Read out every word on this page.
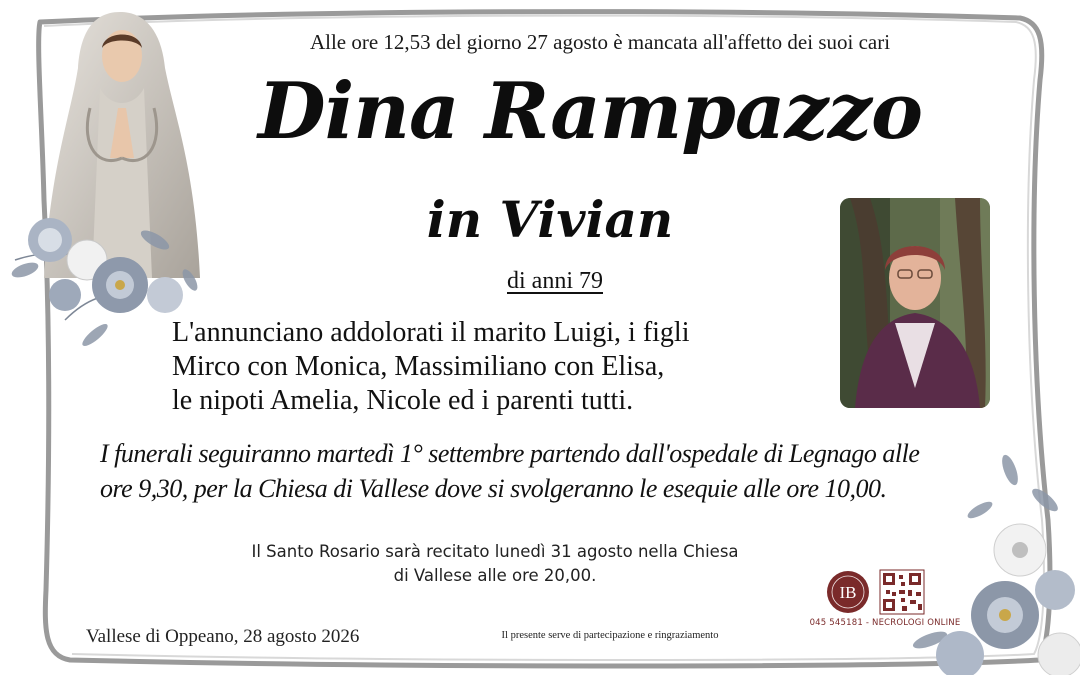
Alle ore 12,53 del giorno 27 agosto è mancata all'affetto dei suoi cari
Dina Rampazzo
in Vivian
di anni 79
L'annunciano addolorati il marito Luigi, i figli
Mirco con Monica, Massimiliano con Elisa,
le nipoti Amelia, Nicole ed i parenti tutti.
I funerali seguiranno martedì 1° settembre partendo dall'ospedale di Legnago alle
ore 9,30, per la Chiesa di Vallese dove si svolgeranno le esequie alle ore 10,00.
Il Santo Rosario sarà recitato lunedì 31 agosto nella Chiesa
di Vallese alle ore 20,00.
Vallese di Oppeano, 28 agosto 2026	Il presente serve di partecipazione e ringraziamento
IB
045 545181 - NECROLOGI ONLINE
